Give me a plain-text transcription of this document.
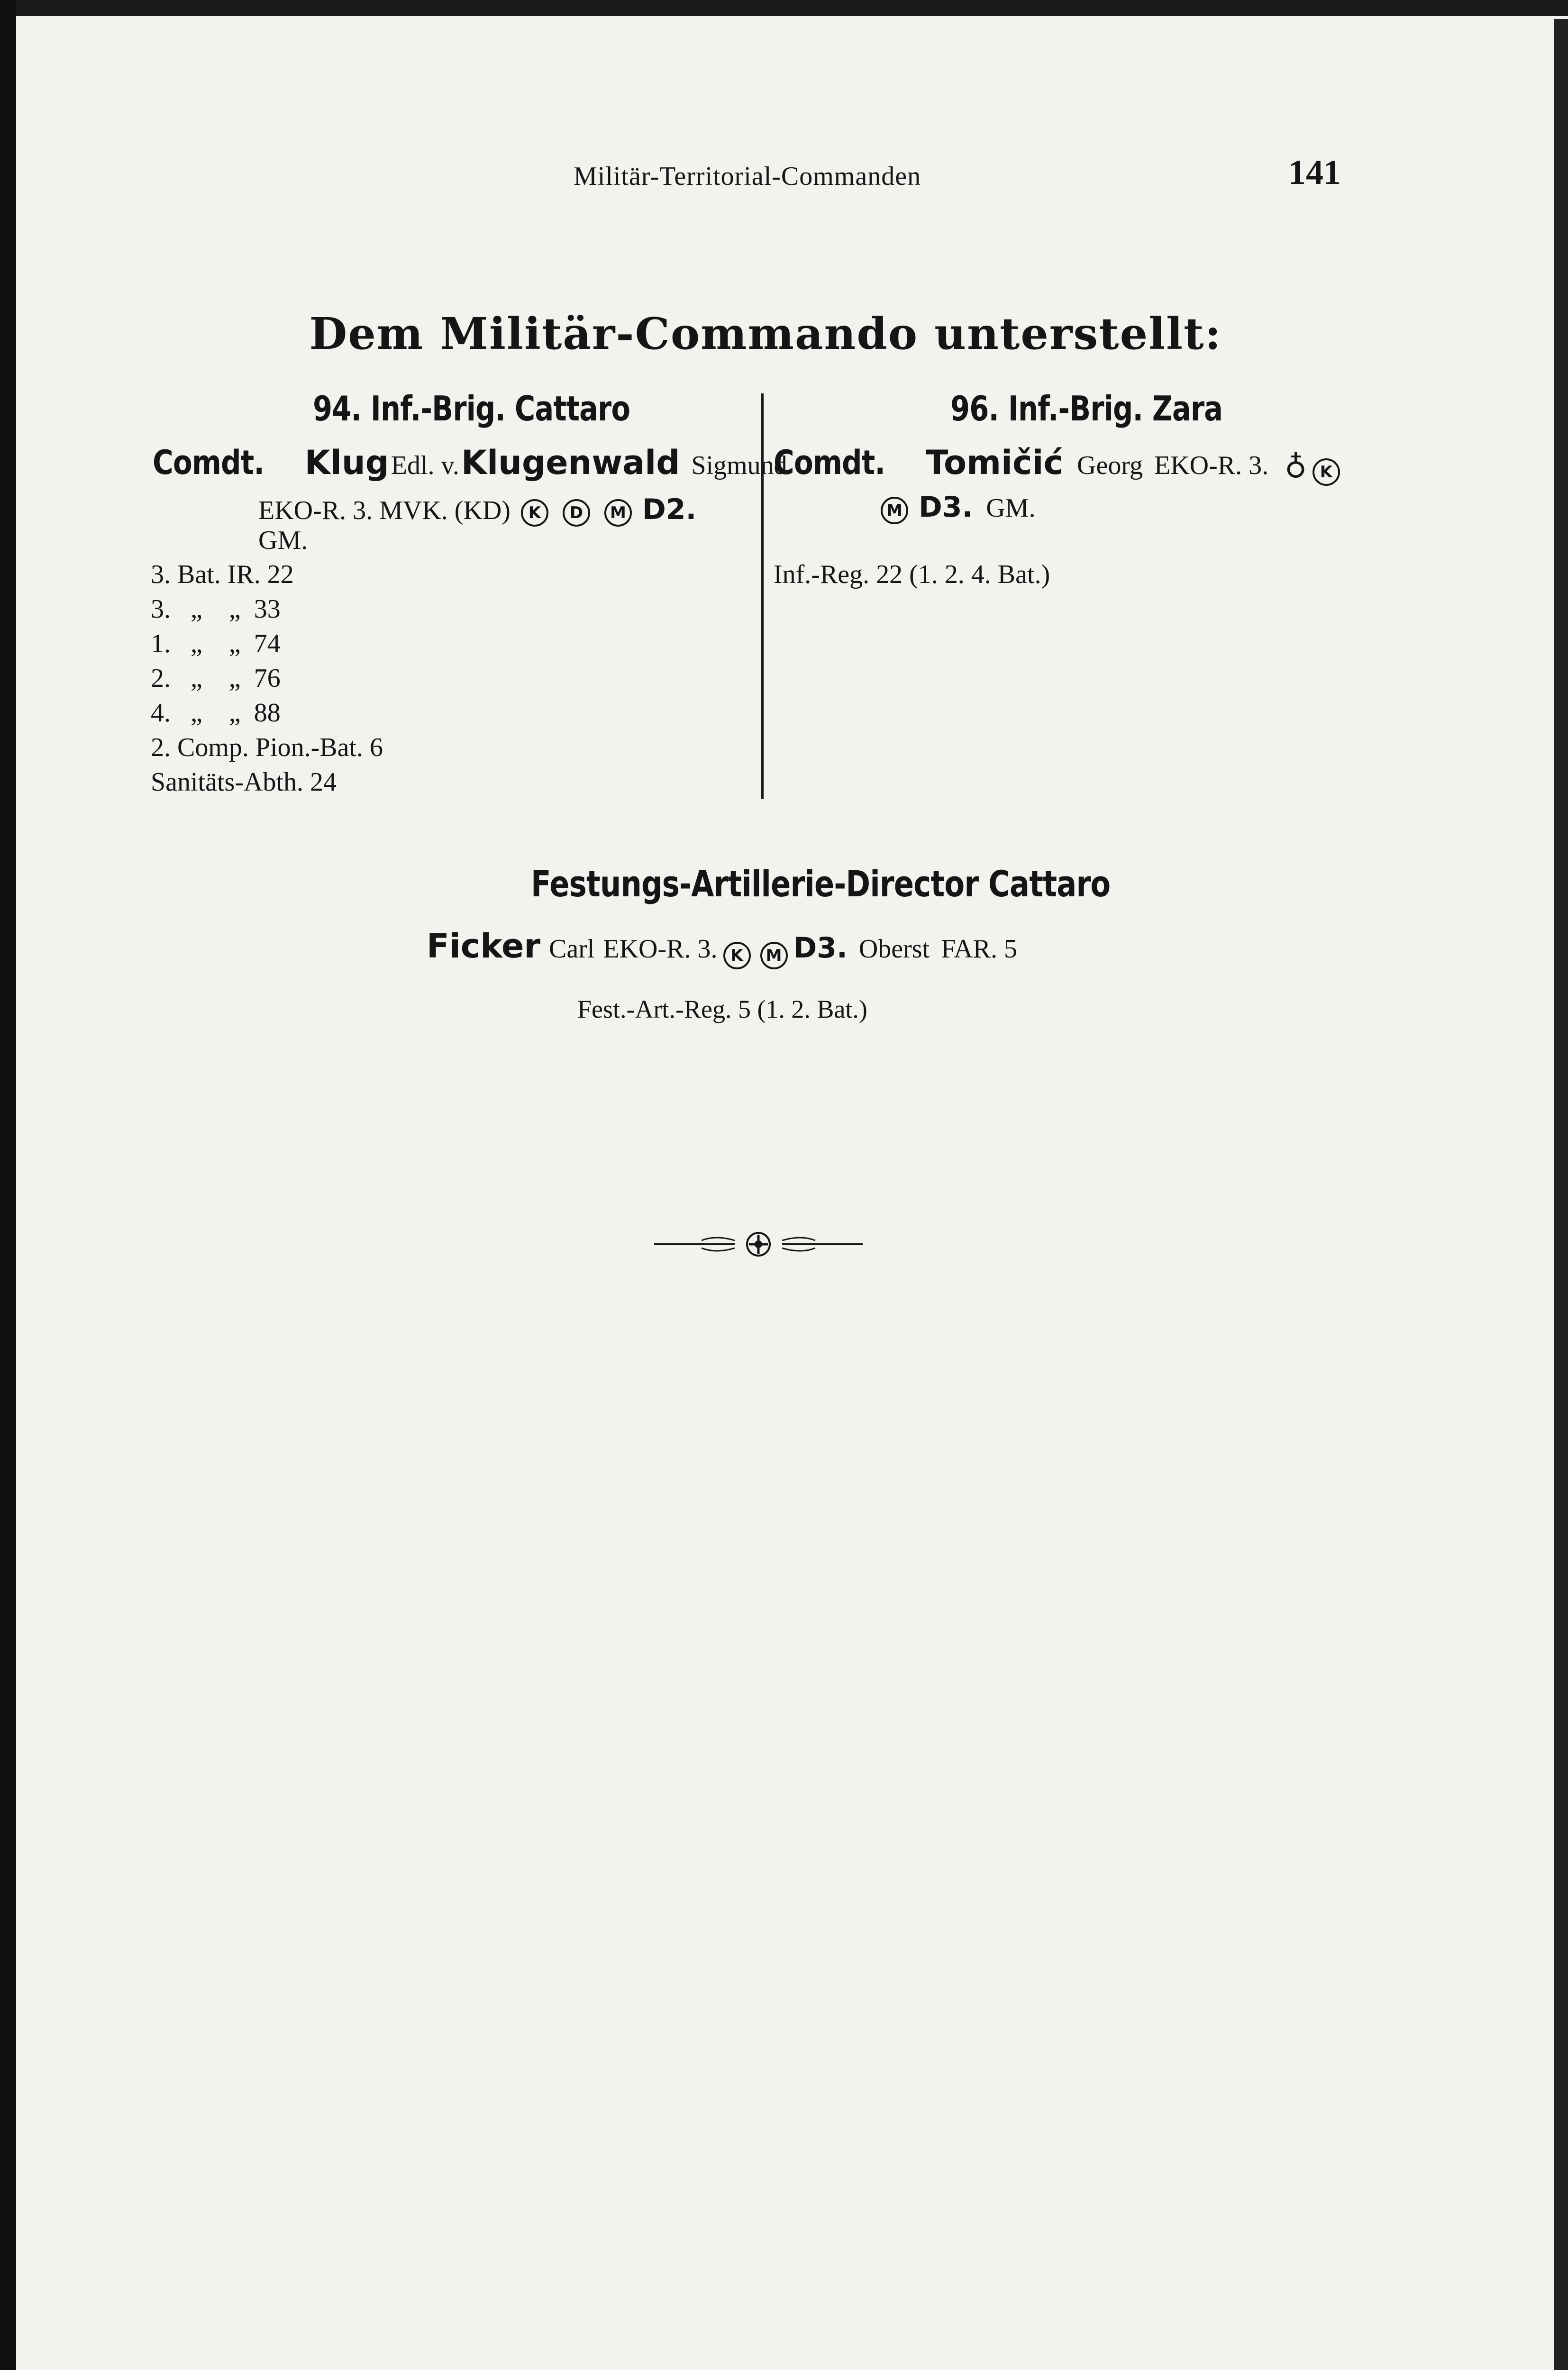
Militär-Territorial-Commanden	141
Dem Militär-Commando unterstellt:
94. Inf.-Brig. Cattaro
Comdt. Klug Edl. v. Klugenwald Sigmund
EKO-R. 3. MVK. (KD) K D M D2.
GM.
3. Bat. IR. 22
3.   „    „  33
1.   „    „  74
2.   „    „  76
4.   „    „  88
2. Comp. Pion.-Bat. 6
Sanitäts-Abth. 24
96. Inf.-Brig. Zara
Comdt. Tomičić Georg EKO-R. 3. ♁ K
M D3. GM.
Inf.-Reg. 22 (1. 2. 4. Bat.)
Festungs-Artillerie-Director Cattaro
Ficker Carl EKO-R. 3. K M D3. Oberst FAR. 5
Fest.-Art.-Reg. 5 (1. 2. Bat.)
